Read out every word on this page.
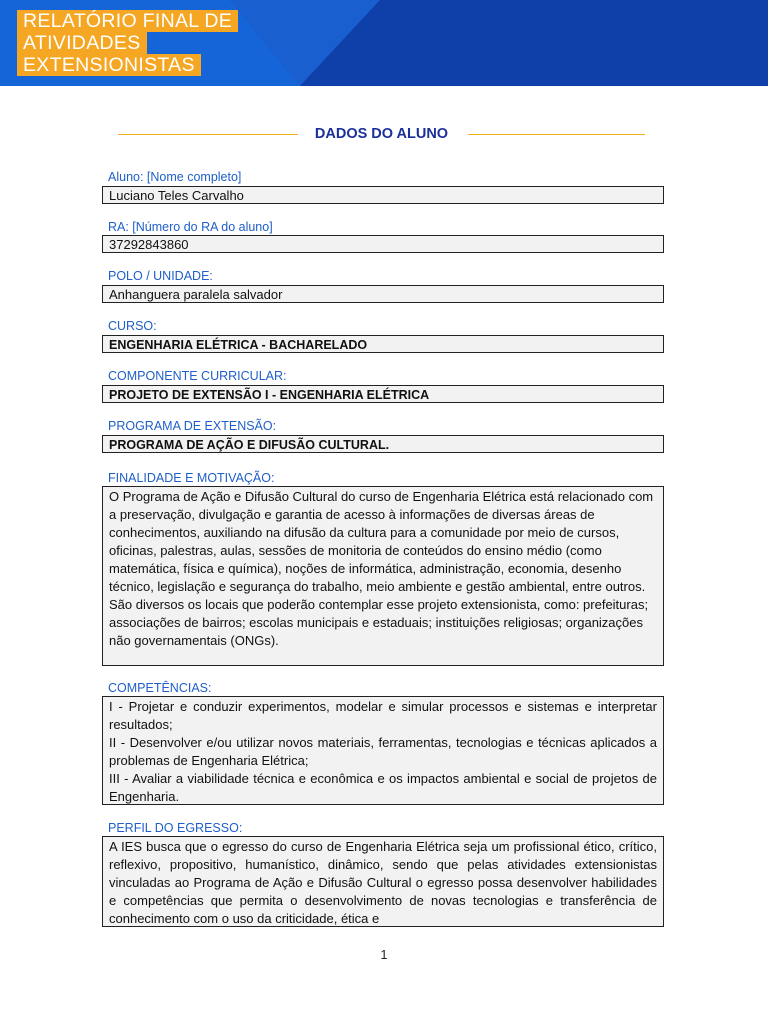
RELATÓRIO FINAL DE
ATIVIDADES
EXTENSIONISTAS
DADOS DO ALUNO
Aluno: [Nome completo]
Luciano Teles Carvalho
RA: [Número do RA do aluno]
37292843860
POLO / UNIDADE:
Anhanguera paralela salvador
CURSO:
ENGENHARIA ELÉTRICA - BACHARELADO
COMPONENTE CURRICULAR:
PROJETO DE EXTENSÃO I - ENGENHARIA ELÉTRICA
PROGRAMA DE EXTENSÃO:
PROGRAMA DE AÇÃO E DIFUSÃO CULTURAL.
FINALIDADE E MOTIVAÇÃO:
O Programa de Ação e Difusão Cultural do curso de Engenharia Elétrica está relacionado com a preservação, divulgação e garantia de acesso à informações de diversas áreas de conhecimentos, auxiliando na difusão da cultura para a comunidade por meio de cursos, oficinas, palestras, aulas, sessões de monitoria de conteúdos do ensino médio (como matemática, física e química), noções de informática, administração, economia, desenho técnico, legislação e segurança do trabalho, meio ambiente e gestão ambiental, entre outros. São diversos os locais que poderão contemplar esse projeto extensionista, como: prefeituras; associações de bairros; escolas municipais e estaduais; instituições religiosas; organizações não governamentais (ONGs).
COMPETÊNCIAS:
I - Projetar e conduzir experimentos, modelar e simular processos e sistemas e interpretar resultados;
II - Desenvolver e/ou utilizar novos materiais, ferramentas, tecnologias e técnicas aplicados a problemas de Engenharia Elétrica;
III - Avaliar a viabilidade técnica e econômica e os impactos ambiental e social de projetos de Engenharia.
PERFIL DO EGRESSO:
A IES busca que o egresso do curso de Engenharia Elétrica seja um profissional ético, crítico, reflexivo, propositivo, humanístico, dinâmico, sendo que pelas atividades extensionistas vinculadas ao Programa de Ação e Difusão Cultural o egresso possa desenvolver habilidades e competências que permita o desenvolvimento de novas tecnologias e transferência de conhecimento com o uso da criticidade, ética e
1
